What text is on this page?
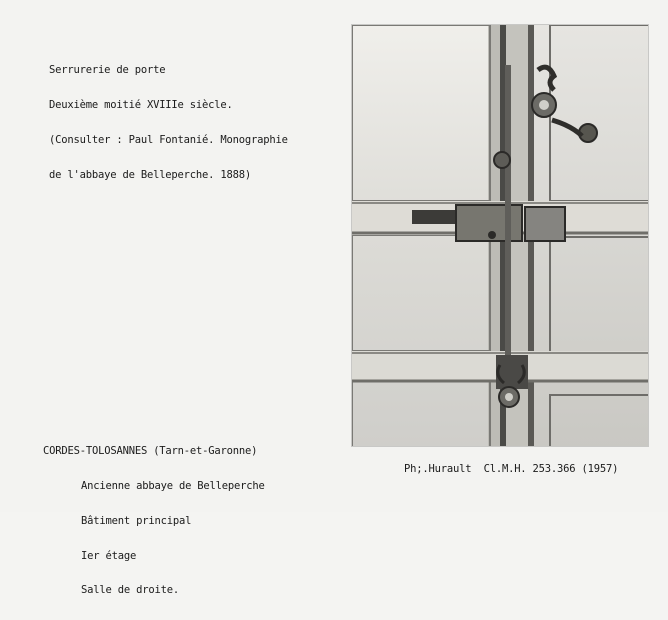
Serrurerie de porte

Deuxième moitié XVIIIe siècle.

(Consulter : Paul Fontanié. Monographie

de l'abbaye de Belleperche. 1888)

CORDES-TOLOSANNES (Tarn-et-Garonne)

Ancienne abbaye de Belleperche

Bâtiment principal

Ier étage

Salle de droite.

Ph;.Hurault  Cl.M.H. 253.366 (1957)
